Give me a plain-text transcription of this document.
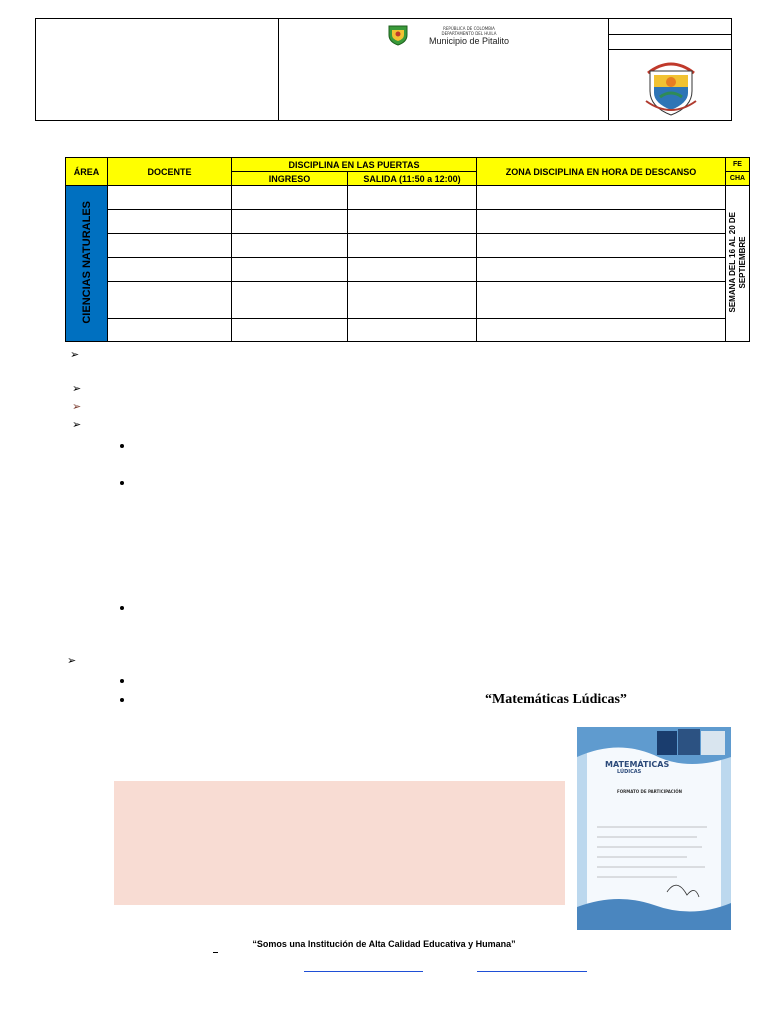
REPÚBLICA DE COLOMBIA
DEPARTAMENTO DEL HUILA
Municipio de Pitalito
ÁREA	DOCENTE	DISCIPLINA EN LAS PUERTAS		ZONA DISCIPLINA EN HORA DE DESCANSO	FE
		INGRESO	SALIDA (11:50 a 12:00)		CHA
CIENCIAS NATURALES					SEMANA DEL 16 AL 20 DE
SEPTIEMBRE

➢
➢
➢
➢
➢
“Matemáticas Lúdicas”
MATEMÁTICAS
LÚDICAS
FORMATO DE PARTICIPACIÓN
“Somos una Institución de Alta Calidad Educativa y Humana”
